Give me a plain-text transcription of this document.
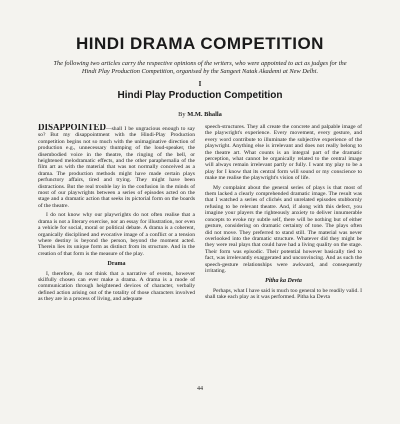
HINDI DRAMA COMPETITION

The following two articles carry the respective opinions of the writers, who were appointed to act as judges for the Hindi Play Production Competition, organised by the Sangeet Natak Akademi at New Delhi.

I
Hindi Play Production Competition
By M.M. Bhalla

DISAPPOINTED—shall I be ungracious enough to say so? But my disappointment with the Hindi-Play Production competition begins not so much with the unimaginative direction of production e.g., unnecessary thumping of the loud-speaker, the disembodied voice in the theatre, the ringing of the bell, or heightened melodramatic effects, and the other paraphernalia of the film art as with the material that was not normally conceived as a drama. The production methods might have made certain plays perfunctory affairs, tired and trying. They might have been distractions. But the real trouble lay in the confusion in the minds of most of our playwrights between a series of episodes acted on the stage and a dramatic action that seeks its pictorial form on the boards of the theatre.

I do not know why our playwrights do not often realise that a drama is not a literary exercise, nor an essay for illustration, nor even a vehicle for social, moral or political debate. A drama is a coherent, organically disciplined and evocative image of a conflict or a tension where destiny is beyond the person, beyond the moment acted. Therein lies its unique form as distinct from its structure. And in the creation of that form is the measure of the play.

Drama

I, therefore, do not think that a narrative of events, however skilfully chosen can ever make a drama. A drama is a mode of communication through heightened devices of character, verbally defined action arising out of the totality of those characters involved as they are in a process of living, and adequate

speech-structures. They all create the concrete and palpable image of the playwright's experience. Every movement, every gesture, and every word contribute to illuminate the subjective experience of the playwright. Anything else is irrelevant and does not really belong to the theatre art. What counts is an integral part of the dramatic perception, what cannot be organically related to the central image will always remain irrelevant partly or fully. I want my play to be a play for I know that its central form will sound or my conscience to make me realise the playwright's vision of life.

My complaint about the general series of plays is that most of them lacked a clearly comprehended dramatic image. The result was that I watched a series of clichés and unrelated episodes stubbornly refusing to be relevant theatre. And, if along with this defect, you imagine your players the righteously anxiety to deliver innumerable concepts to evoke my subtle self, there will be nothing but of either gesture, considering on dramatic certainty of tone. The plays often did not move. They preferred to stand still. The material was never overlooked into the dramatic structure. Whatever did they might be they were real plays that could have had a living quality on the stage. Their form was episodic. Their potential however basically tied to fact, was irrelevantly exaggerated and unconvincing. And as such the speech-gesture relationships were awkward, and consequently irritating.

Pitha ka Devta

Perhaps, what I have said is much too general to be readily valid. I shall take each play as it was performed. Pitha ka Devta

44
